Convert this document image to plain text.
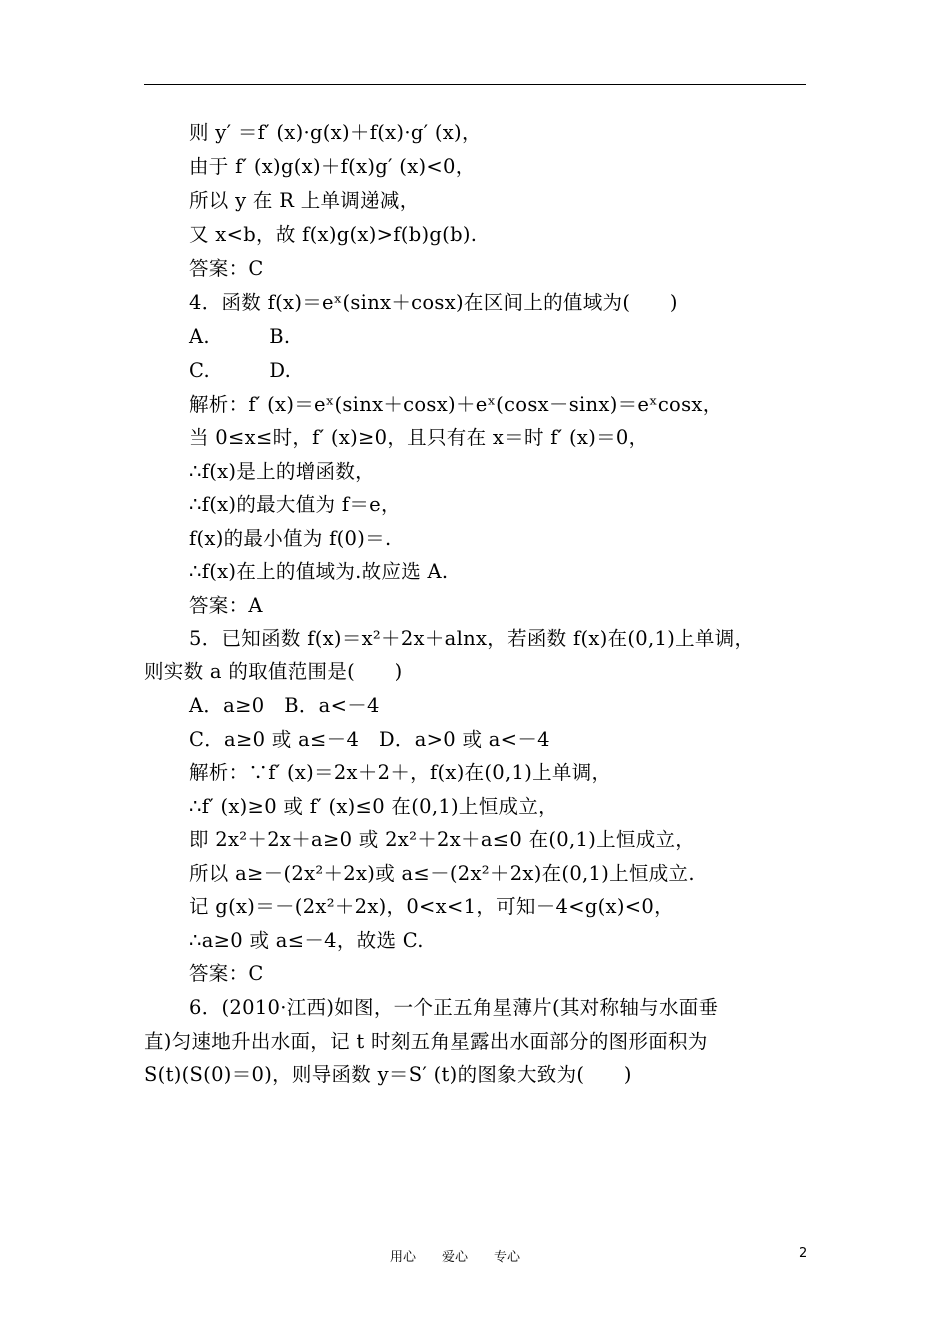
则 y′ ＝f′ (x)·g(x)＋f(x)·g′ (x)，
由于 f′ (x)g(x)＋f(x)g′ (x)<0，
所以 y 在 R 上单调递减，
又 x<b，故 f(x)g(x)>f(b)g(b).
答案：C
4．函数 f(x)＝eˣ(sinx＋cosx)在区间上的值域为(　　)
A.　　　B.
C.　　　D.
解析：f′ (x)＝eˣ(sinx＋cosx)＋eˣ(cosx－sinx)＝eˣcosx，
当 0≤x≤时，f′ (x)≥0，且只有在 x＝时 f′ (x)＝0，
∴f(x)是上的增函数，
∴f(x)的最大值为 f＝e，
f(x)的最小值为 f(0)＝.
∴f(x)在上的值域为.故应选 A.
答案：A
5．已知函数 f(x)＝x²＋2x＋alnx，若函数 f(x)在(0,1)上单调，
则实数 a 的取值范围是(　　)
A．a≥0　B．a<－4
C．a≥0 或 a≤－4　D．a>0 或 a<－4
解析：∵f′ (x)＝2x＋2＋，f(x)在(0,1)上单调，
∴f′ (x)≥0 或 f′ (x)≤0 在(0,1)上恒成立，
即 2x²＋2x＋a≥0 或 2x²＋2x＋a≤0 在(0,1)上恒成立，
所以 a≥－(2x²＋2x)或 a≤－(2x²＋2x)在(0,1)上恒成立.
记 g(x)＝－(2x²＋2x)，0<x<1，可知－4<g(x)<0，
∴a≥0 或 a≤－4，故选 C.
答案：C
6．(2010·江西)如图，一个正五角星薄片(其对称轴与水面垂
直)匀速地升出水面，记 t 时刻五角星露出水面部分的图形面积为
S(t)(S(0)＝0)，则导函数 y＝S′ (t)的图象大致为(　　)
用心　　爱心　　专心	2
